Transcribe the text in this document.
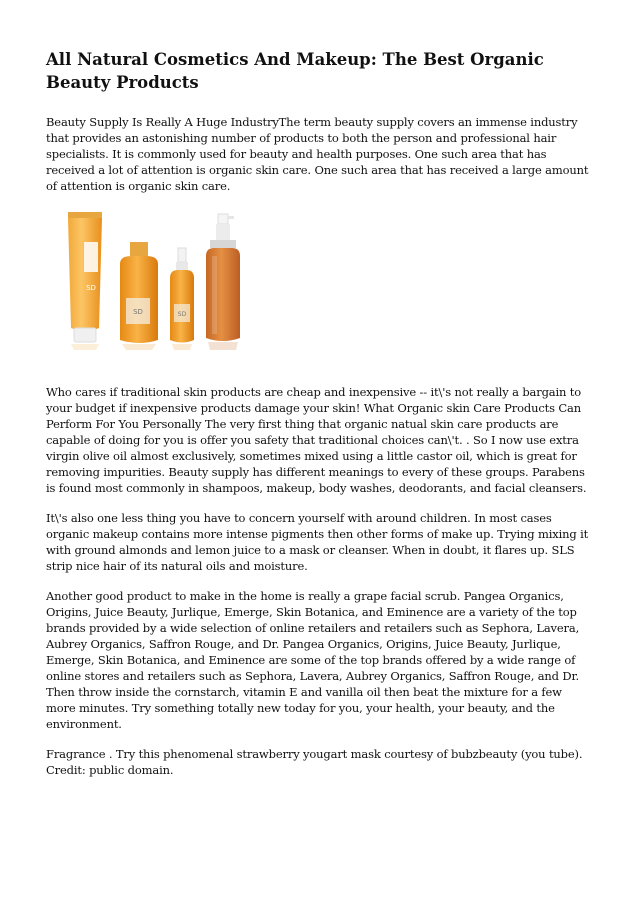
All Natural Cosmetics And Makeup: The Best Organic Beauty Products

Beauty Supply Is Really A Huge IndustryThe term beauty supply covers an immense industry that provides an astonishing number of products to both the person and professional hair specialists. It is commonly used for beauty and health purposes. One such area that has received a lot of attention is organic skin care. One such area that has received a large amount of attention is organic skin care.

SD
SD	SD

Who cares if traditional skin products are cheap and inexpensive -- it\'s not really a bargain to your budget if inexpensive products damage your skin! What Organic skin Care Products Can Perform For You Personally The very first thing that organic natual skin care products are capable of doing for you is offer you safety that traditional choices can\'t. . So I now use extra virgin olive oil almost exclusively, sometimes mixed using a little castor oil, which is great for removing impurities. Beauty supply has different meanings to every of these groups. Parabens is found most commonly in shampoos, makeup, body washes, deodorants, and facial cleansers.

It\'s also one less thing you have to concern yourself with around children. In most cases organic makeup contains more intense pigments then other forms of make up. Trying mixing it with ground almonds and lemon juice to a mask or cleanser. When in doubt, it flares up. SLS strip nice hair of its natural oils and moisture.

Another good product to make in the home is really a grape facial scrub. Pangea Organics, Origins, Juice Beauty, Jurlique, Emerge, Skin Botanica, and Eminence are a variety of the top brands provided by a wide selection of online retailers and retailers such as Sephora, Lavera, Aubrey Organics, Saffron Rouge, and Dr. Pangea Organics, Origins, Juice Beauty, Jurlique, Emerge, Skin Botanica, and Eminence are some of the top brands offered by a wide range of online stores and retailers such as Sephora, Lavera, Aubrey Organics, Saffron Rouge, and Dr. Then throw inside the cornstarch, vitamin E and vanilla oil then beat the mixture for a few more minutes. Try something totally new today for you, your health, your beauty, and the environment.

Fragrance . Try this phenomenal strawberry yougart mask courtesy of bubzbeauty (you tube).

Credit: public domain.
